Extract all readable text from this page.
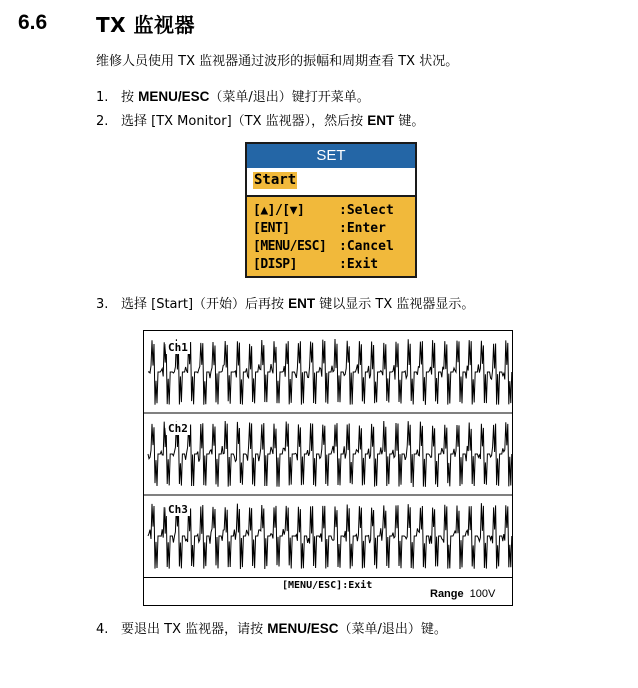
6.6 TX 监视器
维修人员使用 TX 监视器通过波形的振幅和周期查看 TX 状况。
1. 按 MENU/ESC（菜单/退出）键打开菜单。
2. 选择 [TX Monitor]（TX 监视器），然后按 ENT 键。
SET
Start
[▲]/[▼]	:Select
[ENT]	:Enter
[MENU/ESC] :Cancel
[DISP]	:Exit
3. 选择 [Start]（开始）后再按 ENT 键以显示 TX 监视器显示。
Ch1
Ch2
Ch3
[MENU/ESC]:Exit
Range 100V
4. 要退出 TX 监视器，请按 MENU/ESC（菜单/退出）键。
